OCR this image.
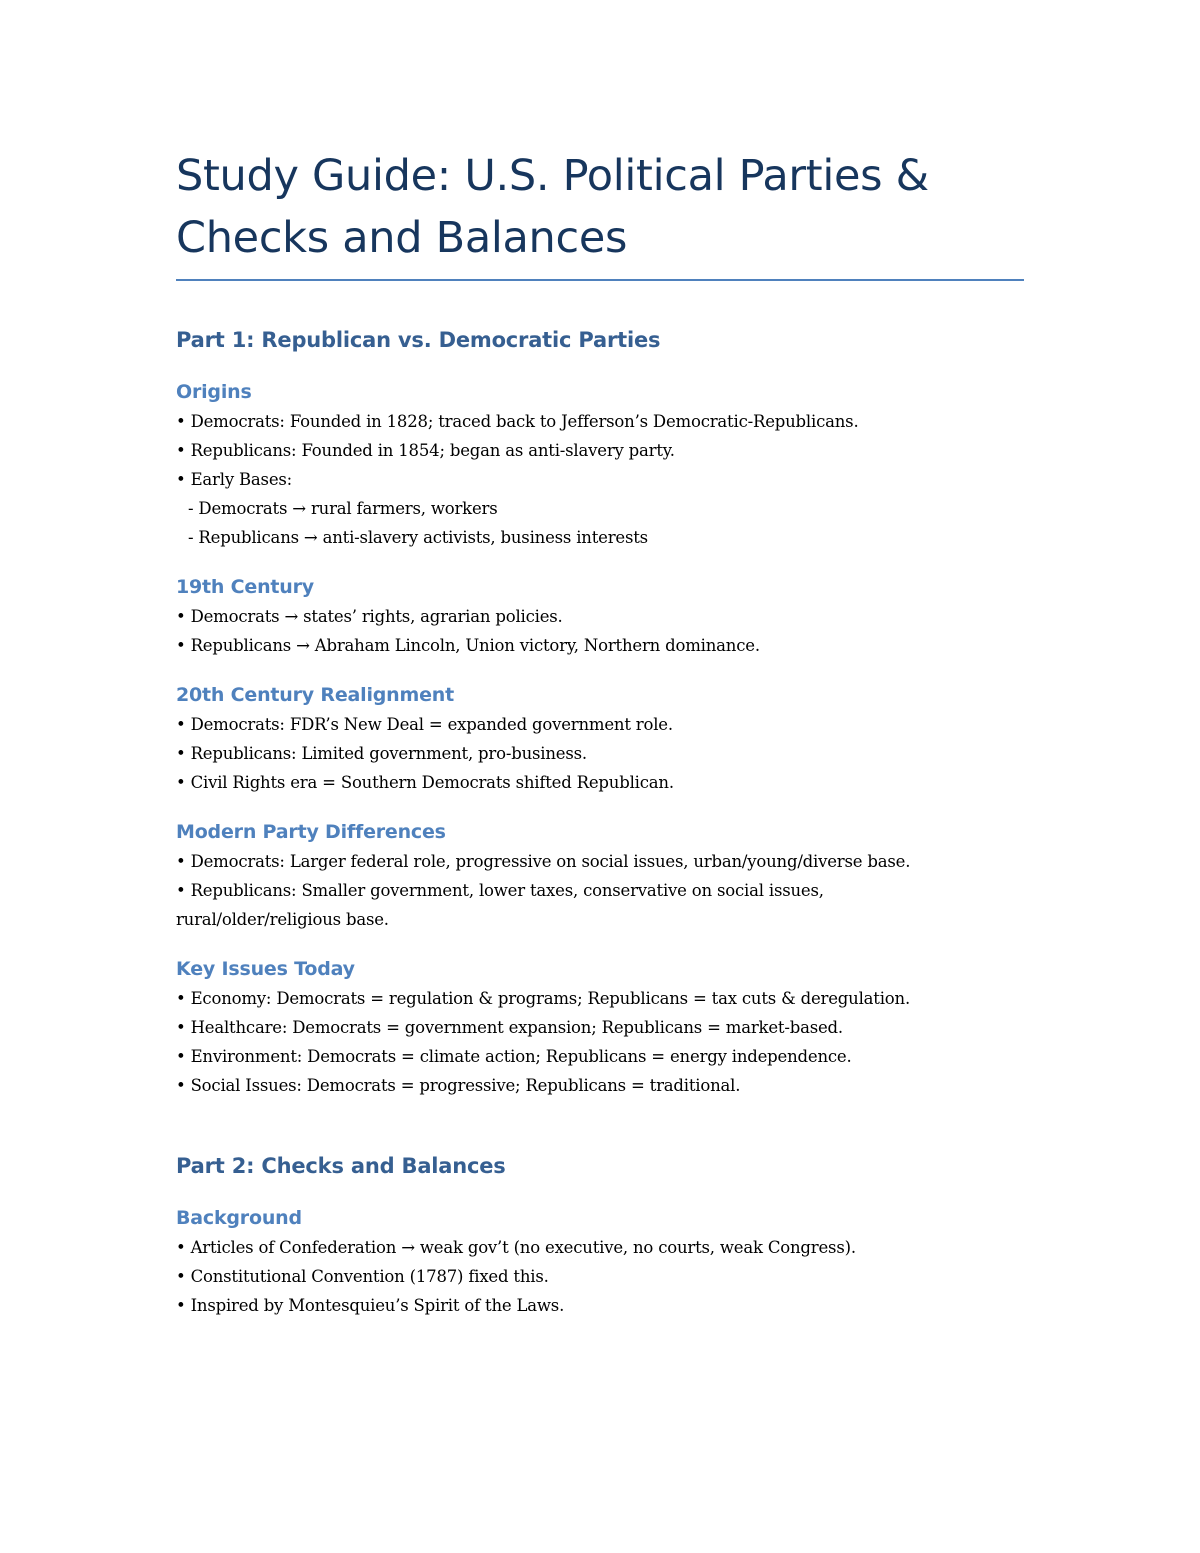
Study Guide: U.S. Political Parties &
Checks and Balances
Part 1: Republican vs. Democratic Parties
Origins
• Democrats: Founded in 1828; traced back to Jefferson’s Democratic-Republicans.
• Republicans: Founded in 1854; began as anti-slavery party.
• Early Bases:
- Democrats → rural farmers, workers
- Republicans → anti-slavery activists, business interests
19th Century
• Democrats → states’ rights, agrarian policies.
• Republicans → Abraham Lincoln, Union victory, Northern dominance.
20th Century Realignment
• Democrats: FDR’s New Deal = expanded government role.
• Republicans: Limited government, pro-business.
• Civil Rights era = Southern Democrats shifted Republican.
Modern Party Differences
• Democrats: Larger federal role, progressive on social issues, urban/young/diverse base.
• Republicans: Smaller government, lower taxes, conservative on social issues,
rural/older/religious base.
Key Issues Today
• Economy: Democrats = regulation & programs; Republicans = tax cuts & deregulation.
• Healthcare: Democrats = government expansion; Republicans = market-based.
• Environment: Democrats = climate action; Republicans = energy independence.
• Social Issues: Democrats = progressive; Republicans = traditional.
Part 2: Checks and Balances
Background
• Articles of Confederation → weak gov’t (no executive, no courts, weak Congress).
• Constitutional Convention (1787) fixed this.
• Inspired by Montesquieu’s Spirit of the Laws.
